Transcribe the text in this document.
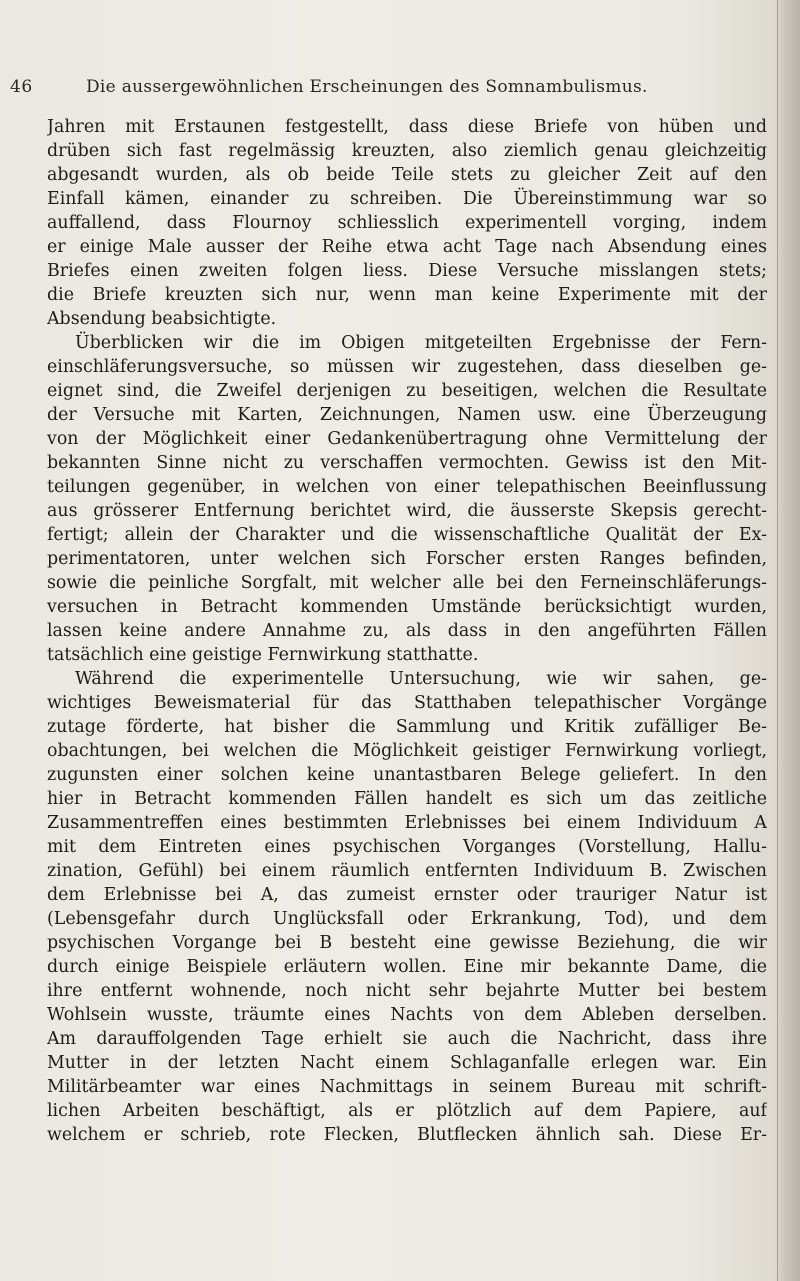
46	Die aussergewöhnlichen Erscheinungen des Somnambulismus.
Jahren mit Erstaunen festgestellt, dass diese Briefe von hüben und
drüben sich fast regelmässig kreuzten, also ziemlich genau gleichzeitig
abgesandt wurden, als ob beide Teile stets zu gleicher Zeit auf den
Einfall kämen, einander zu schreiben. Die Übereinstimmung war so
auffallend, dass Flournoy schliesslich experimentell vorging, indem
er einige Male ausser der Reihe etwa acht Tage nach Absendung eines
Briefes einen zweiten folgen liess. Diese Versuche misslangen stets;
die Briefe kreuzten sich nur, wenn man keine Experimente mit der
Absendung beabsichtigte.
Überblicken wir die im Obigen mitgeteilten Ergebnisse der Fern-
einschläferungsversuche, so müssen wir zugestehen, dass dieselben ge-
eignet sind, die Zweifel derjenigen zu beseitigen, welchen die Resultate
der Versuche mit Karten, Zeichnungen, Namen usw. eine Überzeugung
von der Möglichkeit einer Gedankenübertragung ohne Vermittelung der
bekannten Sinne nicht zu verschaffen vermochten. Gewiss ist den Mit-
teilungen gegenüber, in welchen von einer telepathischen Beeinflussung
aus grösserer Entfernung berichtet wird, die äusserste Skepsis gerecht-
fertigt; allein der Charakter und die wissenschaftliche Qualität der Ex-
perimentatoren, unter welchen sich Forscher ersten Ranges befinden,
sowie die peinliche Sorgfalt, mit welcher alle bei den Ferneinschläferungs-
versuchen in Betracht kommenden Umstände berücksichtigt wurden,
lassen keine andere Annahme zu, als dass in den angeführten Fällen
tatsächlich eine geistige Fernwirkung statthatte.
Während die experimentelle Untersuchung, wie wir sahen, ge-
wichtiges Beweismaterial für das Statthaben telepathischer Vorgänge
zutage förderte, hat bisher die Sammlung und Kritik zufälliger Be-
obachtungen, bei welchen die Möglichkeit geistiger Fernwirkung vorliegt,
zugunsten einer solchen keine unantastbaren Belege geliefert. In den
hier in Betracht kommenden Fällen handelt es sich um das zeitliche
Zusammentreffen eines bestimmten Erlebnisses bei einem Individuum A
mit dem Eintreten eines psychischen Vorganges (Vorstellung, Hallu-
zination, Gefühl) bei einem räumlich entfernten Individuum B. Zwischen
dem Erlebnisse bei A, das zumeist ernster oder trauriger Natur ist
(Lebensgefahr durch Unglücksfall oder Erkrankung, Tod), und dem
psychischen Vorgange bei B besteht eine gewisse Beziehung, die wir
durch einige Beispiele erläutern wollen. Eine mir bekannte Dame, die
ihre entfernt wohnende, noch nicht sehr bejahrte Mutter bei bestem
Wohlsein wusste, träumte eines Nachts von dem Ableben derselben.
Am darauffolgenden Tage erhielt sie auch die Nachricht, dass ihre
Mutter in der letzten Nacht einem Schlaganfalle erlegen war. Ein
Militärbeamter war eines Nachmittags in seinem Bureau mit schrift-
lichen Arbeiten beschäftigt, als er plötzlich auf dem Papiere, auf
welchem er schrieb, rote Flecken, Blutflecken ähnlich sah. Diese Er-
